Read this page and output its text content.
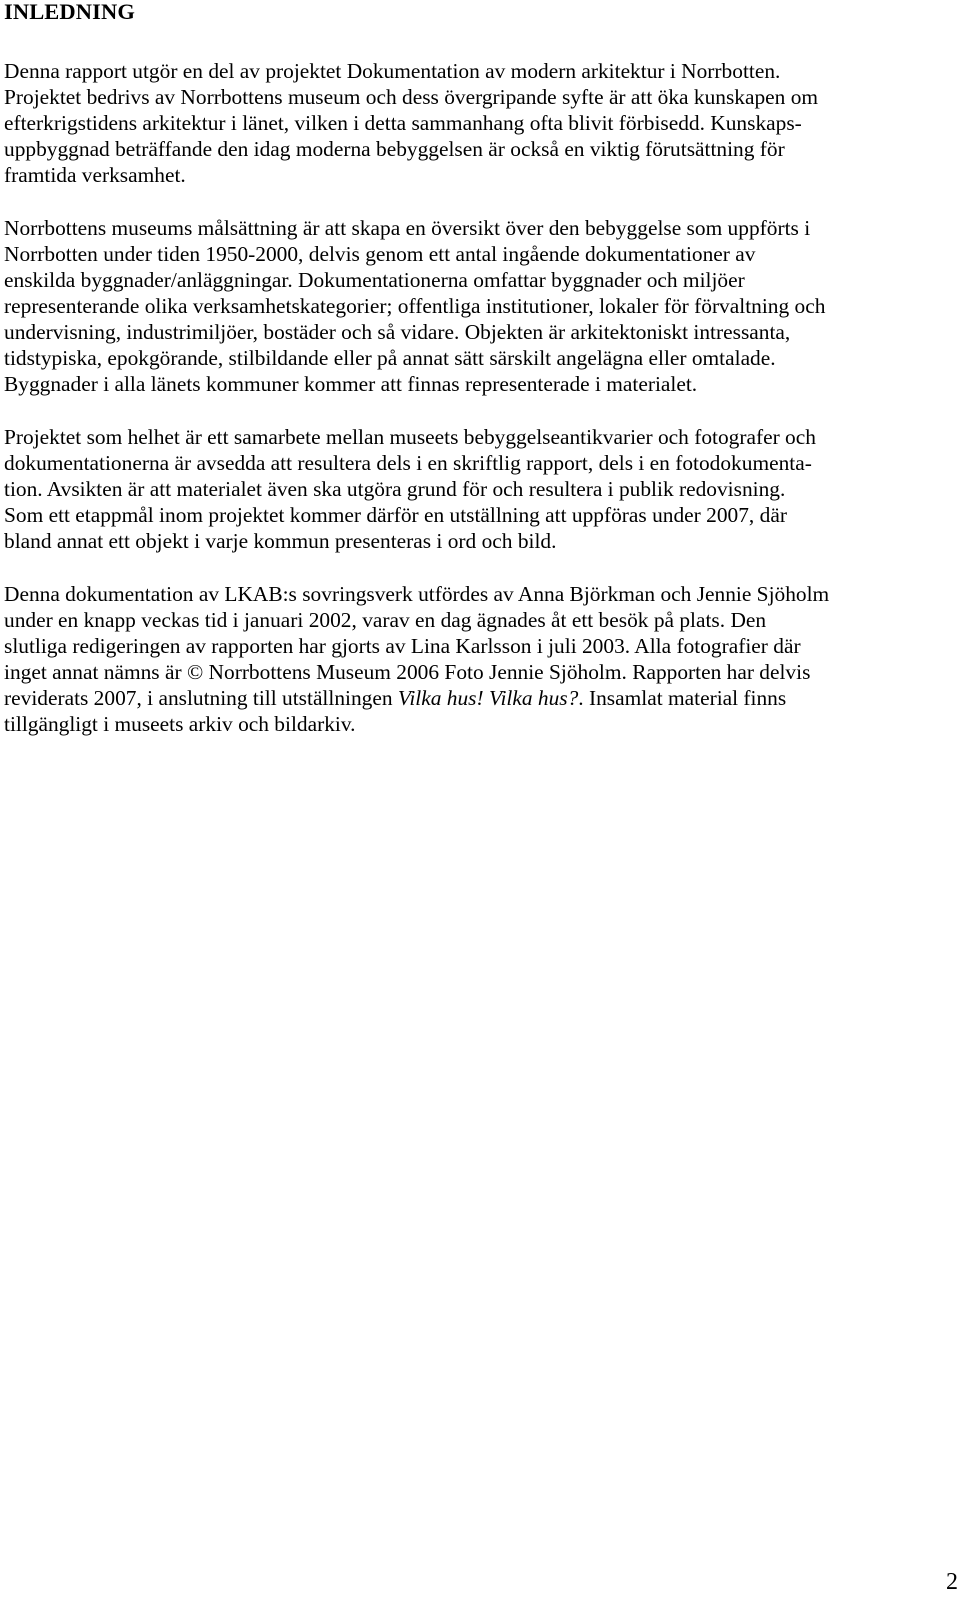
INLEDNING
Denna rapport utgör en del av projektet Dokumentation av modern arkitektur i Norrbotten.
Projektet bedrivs av Norrbottens museum och dess övergripande syfte är att öka kunskapen om
efterkrigstidens arkitektur i länet, vilken i detta sammanhang ofta blivit förbisedd. Kunskaps-
uppbyggnad beträffande den idag moderna bebyggelsen är också en viktig förutsättning för
framtida verksamhet.
Norrbottens museums målsättning är att skapa en översikt över den bebyggelse som uppförts i
Norrbotten under tiden 1950-2000, delvis genom ett antal ingående dokumentationer av
enskilda byggnader/anläggningar. Dokumentationerna omfattar byggnader och miljöer
representerande olika verksamhetskategorier; offentliga institutioner, lokaler för förvaltning och
undervisning, industrimiljöer, bostäder och så vidare. Objekten är arkitektoniskt intressanta,
tidstypiska, epokgörande, stilbildande eller på annat sätt särskilt angelägna eller omtalade.
Byggnader i alla länets kommuner kommer att finnas representerade i materialet.
Projektet som helhet är ett samarbete mellan museets bebyggelseantikvarier och fotografer och
dokumentationerna är avsedda att resultera dels i en skriftlig rapport, dels i en fotodokumenta-
tion. Avsikten är att materialet även ska utgöra grund för och resultera i publik redovisning.
Som ett etappmål inom projektet kommer därför en utställning att uppföras under 2007, där
bland annat ett objekt i varje kommun presenteras i ord och bild.
Denna dokumentation av LKAB:s sovringsverk utfördes av Anna Björkman och Jennie Sjöholm
under en knapp veckas tid i januari 2002, varav en dag ägnades åt ett besök på plats. Den
slutliga redigeringen av rapporten har gjorts av Lina Karlsson i juli 2003. Alla fotografier där
inget annat nämns är © Norrbottens Museum 2006 Foto Jennie Sjöholm. Rapporten har delvis
reviderats 2007, i anslutning till utställningen Vilka hus! Vilka hus?. Insamlat material finns
tillgängligt i museets arkiv och bildarkiv.
2
